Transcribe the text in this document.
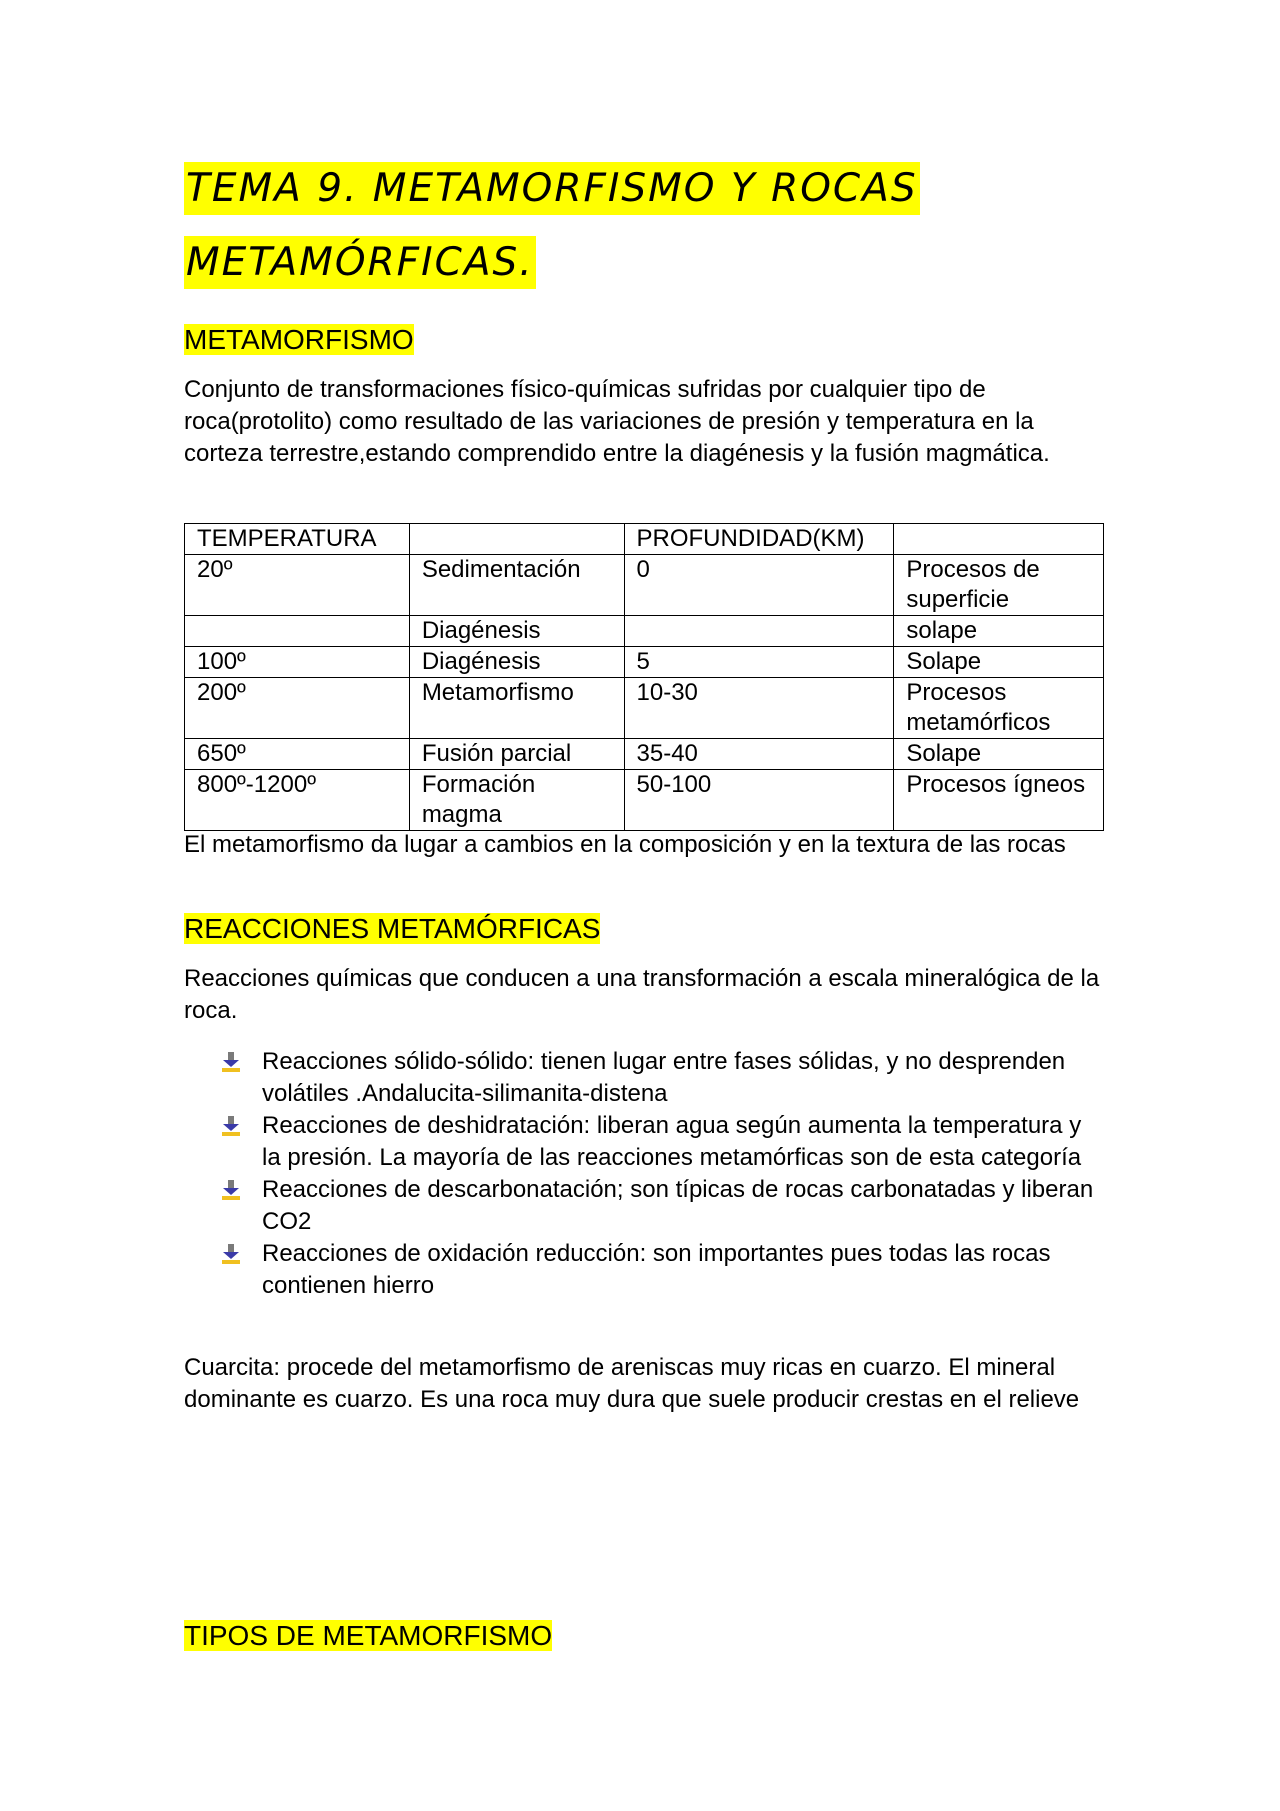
TEMA 9. METAMORFISMO Y ROCAS
METAMÓRFICAS.
METAMORFISMO
Conjunto de transformaciones físico-químicas sufridas por cualquier tipo de roca(protolito) como resultado de las variaciones de presión y temperatura en la corteza terrestre,estando comprendido entre la diagénesis y la fusión magmática.
TEMPERATURA		PROFUNDIDAD(KM)	
20º	Sedimentación	0	Procesos de superficie
	Diagénesis		solape
100º	Diagénesis	5	Solape
200º	Metamorfismo	10-30	Procesos metamórficos
650º	Fusión parcial	35-40	Solape
800º-1200º	Formación magma	50-100	Procesos ígneos
El metamorfismo da lugar a cambios en la composición y en la textura de las rocas
REACCIONES METAMÓRFICAS
Reacciones químicas que conducen a una transformación a escala mineralógica de la roca.
Reacciones sólido-sólido: tienen lugar entre fases sólidas, y no desprenden volátiles .Andalucita-silimanita-distena
Reacciones de deshidratación: liberan agua según aumenta la temperatura y la presión. La mayoría de las reacciones metamórficas son de esta categoría
Reacciones de descarbonatación; son típicas de rocas carbonatadas y liberan CO2
Reacciones de oxidación reducción: son importantes pues todas las rocas contienen hierro
Cuarcita: procede del metamorfismo de areniscas muy ricas en cuarzo. El mineral dominante es cuarzo. Es una roca muy dura que suele producir crestas en el relieve
TIPOS DE METAMORFISMO
